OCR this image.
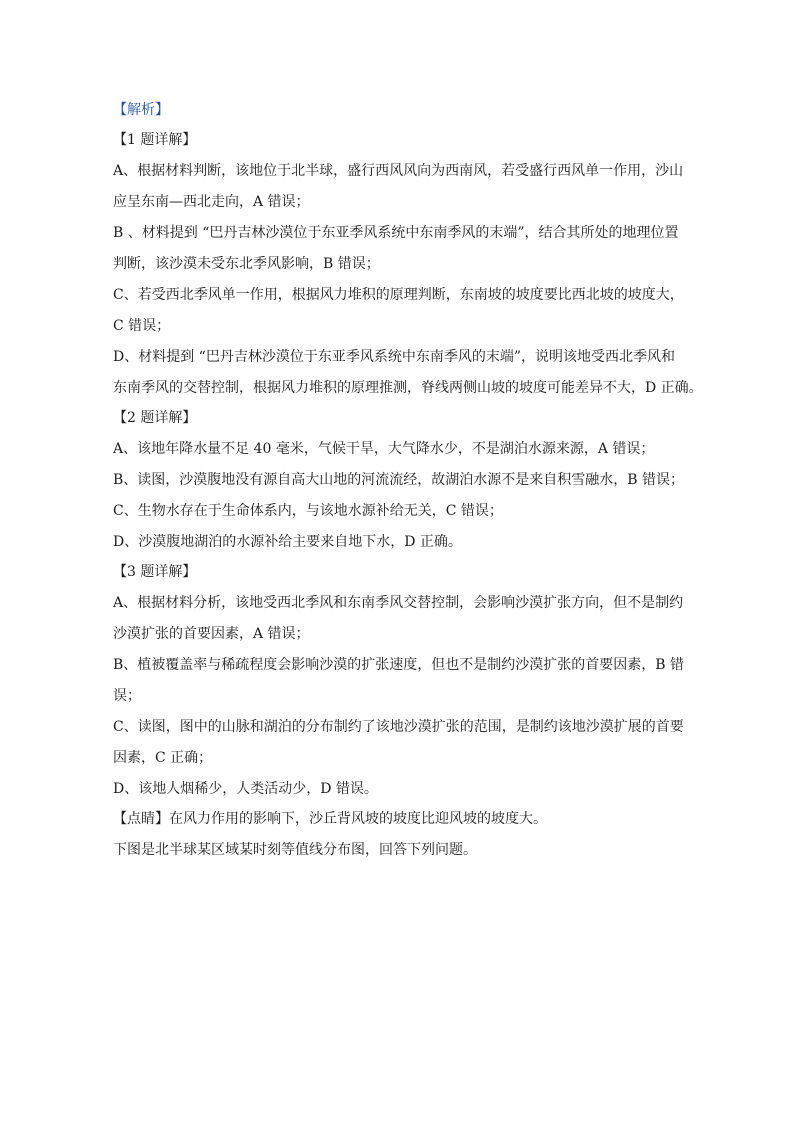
【解析】

【1 题详解】

A、根据材料判断，该地位于北半球，盛行西风风向为西南风，若受盛行西风单一作用，沙山

应呈东南—西北走向，A 错误；

B 、材料提到 “巴丹吉林沙漠位于东亚季风系统中东南季风的末端”，结合其所处的地理位置

判断，该沙漠未受东北季风影响，B 错误；

C、若受西北季风单一作用，根据风力堆积的原理判断，东南坡的坡度要比西北坡的坡度大，

C 错误；

D、材料提到 “巴丹吉林沙漠位于东亚季风系统中东南季风的末端”，说明该地受西北季风和

东南季风的交替控制，根据风力堆积的原理推测，脊线两侧山坡的坡度可能差异不大，D 正确。

【2 题详解】

A、该地年降水量不足 40 毫米，气候干旱，大气降水少，不是湖泊水源来源，A 错误；

B、读图，沙漠腹地没有源自高大山地的河流流经，故湖泊水源不是来自积雪融水，B 错误；

C、生物水存在于生命体系内，与该地水源补给无关，C 错误；

D、沙漠腹地湖泊的水源补给主要来自地下水，D 正确。

【3 题详解】

A、根据材料分析，该地受西北季风和东南季风交替控制，会影响沙漠扩张方向，但不是制约

沙漠扩张的首要因素，A 错误；

B、植被覆盖率与稀疏程度会影响沙漠的扩张速度，但也不是制约沙漠扩张的首要因素，B 错

误；

C、读图，图中的山脉和湖泊的分布制约了该地沙漠扩张的范围，是制约该地沙漠扩展的首要

因素，C 正确；

D、该地人烟稀少，人类活动少，D 错误。

【点睛】在风力作用的影响下，沙丘背风坡的坡度比迎风坡的坡度大。

下图是北半球某区域某时刻等值线分布图，回答下列问题。
